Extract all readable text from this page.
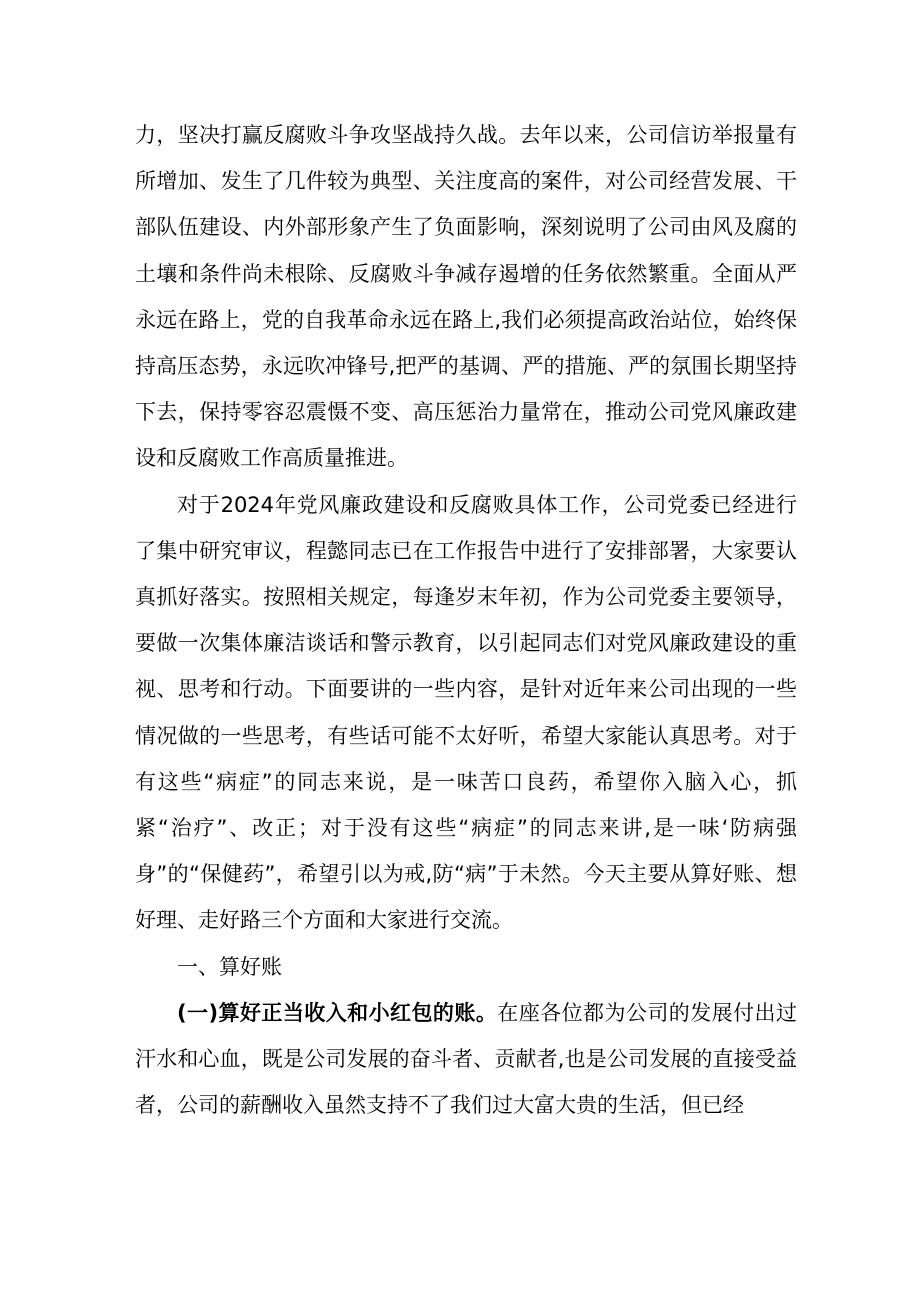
力，坚决打赢反腐败斗争攻坚战持久战。去年以来，公司信访举报量有所增加、发生了几件较为典型、关注度高的案件，对公司经营发展、干部队伍建设、内外部形象产生了负面影响，深刻说明了公司由风及腐的土壤和条件尚未根除、反腐败斗争减存遏增的任务依然繁重。全面从严永远在路上，党的自我革命永远在路上,我们必须提高政治站位，始终保持高压态势，永远吹冲锋号,把严的基调、严的措施、严的氛围长期坚持下去，保持零容忍震慑不变、高压惩治力量常在，推动公司党风廉政建设和反腐败工作高质量推进。

对于2024年党风廉政建设和反腐败具体工作，公司党委已经进行了集中研究审议，程懿同志已在工作报告中进行了安排部署，大家要认真抓好落实。按照相关规定，每逢岁末年初，作为公司党委主要领导，要做一次集体廉洁谈话和警示教育，以引起同志们对党风廉政建设的重视、思考和行动。下面要讲的一些内容，是针对近年来公司出现的一些情况做的一些思考，有些话可能不太好听，希望大家能认真思考。对于有这些“病症”的同志来说，是一味苦口良药，希望你入脑入心，抓紧“治疗”、改正；对于没有这些“病症”的同志来讲,是一味‘防病强身”的“保健药”，希望引以为戒,防“病”于未然。今天主要从算好账、想好理、走好路三个方面和大家进行交流。

一、算好账

(一)算好正当收入和小红包的账。在座各位都为公司的发展付出过汗水和心血，既是公司发展的奋斗者、贡献者,也是公司发展的直接受益者，公司的薪酬收入虽然支持不了我们过大富大贵的生活，但已经
